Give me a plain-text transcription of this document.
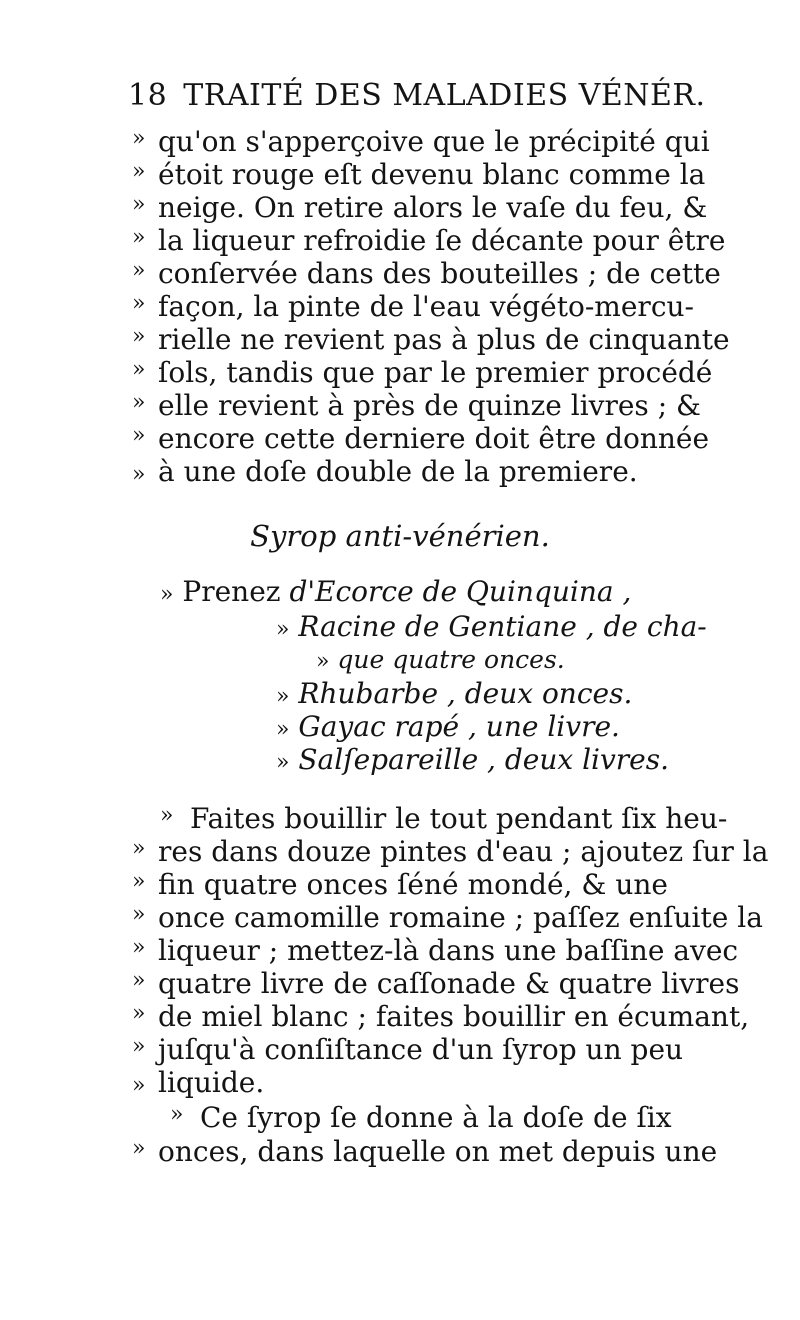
18 TRAITÉ DES MALADIES VÉNÉR.
» qu'on s'apperçoive que le précipité qui
» étoit rouge eſt devenu blanc comme la
» neige. On retire alors le vaſe du feu, &
» la liqueur refroidie ſe décante pour être
» conſervée dans des bouteilles ; de cette
» façon, la pinte de l'eau végéto-mercu-
» rielle ne revient pas à plus de cinquante
» ſols, tandis que par le premier procédé
» elle revient à près de quinze livres ; &
» encore cette derniere doit être donnée
» à une doſe double de la premiere.
Syrop anti-vénérien.
» Prenez d'Ecorce de Quinquina ,
» Racine de Gentiane , de cha-
» que quatre onces.
» Rhubarbe , deux onces.
» Gayac rapé , une livre.
» Salſepareille , deux livres.
» Faites bouillir le tout pendant ſix heu-
» res dans douze pintes d'eau ; ajoutez ſur la
» fin quatre onces ſéné mondé, & une
» once camomille romaine ; paſſez enſuite la
» liqueur ; mettez-là dans une baſſine avec
» quatre livre de caſſonade & quatre livres
» de miel blanc ; faites bouillir en écumant,
» juſqu'à conſiſtance d'un ſyrop un peu
» liquide.
» Ce ſyrop ſe donne à la doſe de ſix
» onces, dans laquelle on met depuis une
